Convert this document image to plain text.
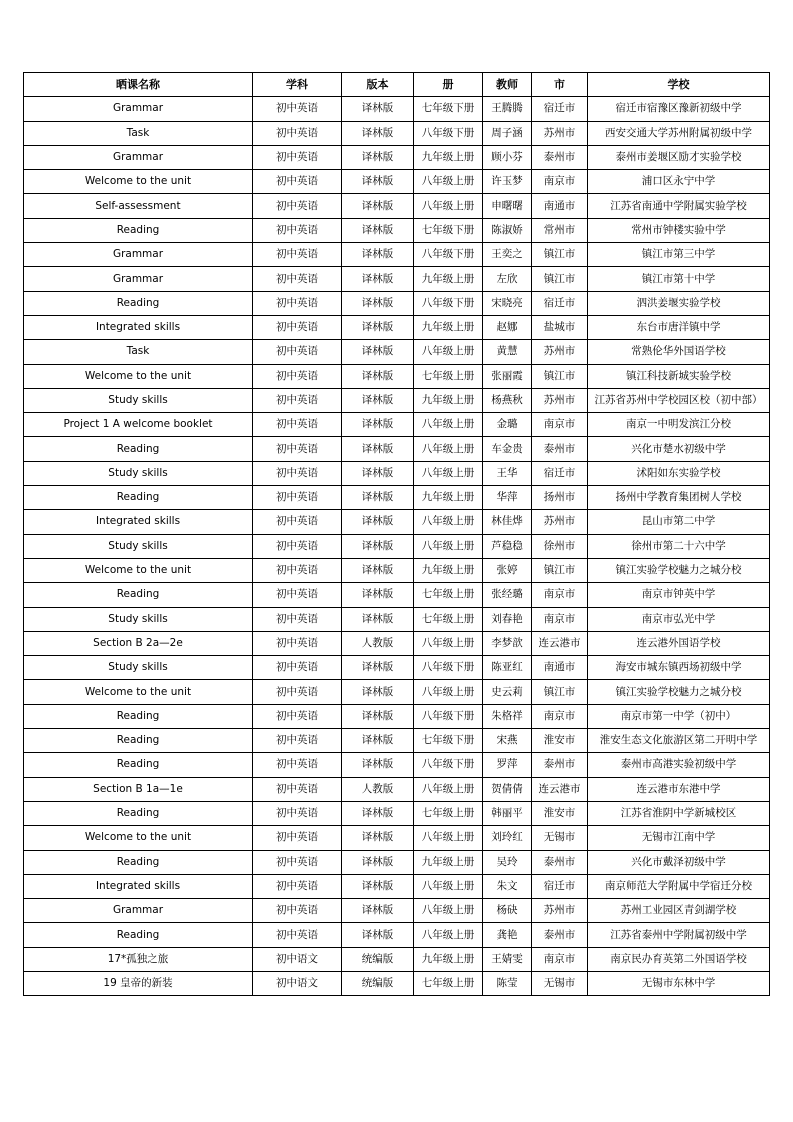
晒课名称	学科	版本	册	教师	市	学校
Grammar	初中英语	译林版	七年级下册	王腾腾	宿迁市	宿迁市宿豫区豫新初级中学
Task	初中英语	译林版	八年级下册	周子涵	苏州市	西安交通大学苏州附属初级中学
Grammar	初中英语	译林版	九年级上册	顾小芬	泰州市	泰州市姜堰区励才实验学校
Welcome to the unit	初中英语	译林版	八年级上册	许玉梦	南京市	浦口区永宁中学
Self-assessment	初中英语	译林版	八年级上册	申曙曙	南通市	江苏省南通中学附属实验学校
Reading	初中英语	译林版	七年级下册	陈淑娇	常州市	常州市钟楼实验中学
Grammar	初中英语	译林版	八年级下册	王奕之	镇江市	镇江市第三中学
Grammar	初中英语	译林版	九年级上册	左欣	镇江市	镇江市第十中学
Reading	初中英语	译林版	八年级下册	宋晓亮	宿迁市	泗洪姜堰实验学校
Integrated skills	初中英语	译林版	九年级上册	赵娜	盐城市	东台市唐洋镇中学
Task	初中英语	译林版	八年级上册	黄慧	苏州市	常熟伦华外国语学校
Welcome to the unit	初中英语	译林版	七年级上册	张丽霞	镇江市	镇江科技新城实验学校
Study skills	初中英语	译林版	九年级上册	杨燕秋	苏州市	江苏省苏州中学校园区校（初中部）
Project 1 A welcome booklet	初中英语	译林版	八年级上册	金璐	南京市	南京一中明发滨江分校
Reading	初中英语	译林版	八年级上册	车金贵	泰州市	兴化市楚水初级中学
Study skills	初中英语	译林版	八年级上册	王华	宿迁市	沭阳如东实验学校
Reading	初中英语	译林版	九年级上册	华萍	扬州市	扬州中学教育集团树人学校
Integrated skills	初中英语	译林版	八年级上册	林佳烨	苏州市	昆山市第二中学
Study skills	初中英语	译林版	八年级上册	芦稳稳	徐州市	徐州市第二十六中学
Welcome to the unit	初中英语	译林版	九年级上册	张婷	镇江市	镇江实验学校魅力之城分校
Reading	初中英语	译林版	七年级上册	张经璐	南京市	南京市钟英中学
Study skills	初中英语	译林版	七年级上册	刘春艳	南京市	南京市弘光中学
Section B 2a—2e	初中英语	人教版	八年级上册	李梦歆	连云港市	连云港外国语学校
Study skills	初中英语	译林版	八年级下册	陈亚红	南通市	海安市城东镇西场初级中学
Welcome to the unit	初中英语	译林版	八年级上册	史云莉	镇江市	镇江实验学校魅力之城分校
Reading	初中英语	译林版	八年级下册	朱格祥	南京市	南京市第一中学（初中）
Reading	初中英语	译林版	七年级下册	宋燕	淮安市	淮安生态文化旅游区第二开明中学
Reading	初中英语	译林版	八年级下册	罗萍	泰州市	泰州市高港实验初级中学
Section B 1a—1e	初中英语	人教版	八年级上册	贺倩倩	连云港市	连云港市东港中学
Reading	初中英语	译林版	七年级上册	韩丽平	淮安市	江苏省淮阴中学新城校区
Welcome to the unit	初中英语	译林版	八年级上册	刘玲红	无锡市	无锡市江南中学
Reading	初中英语	译林版	九年级上册	吴玲	泰州市	兴化市戴泽初级中学
Integrated skills	初中英语	译林版	八年级上册	朱文	宿迁市	南京师范大学附属中学宿迁分校
Grammar	初中英语	译林版	八年级上册	杨砄	苏州市	苏州工业园区青剑湖学校
Reading	初中英语	译林版	八年级上册	龚艳	泰州市	江苏省泰州中学附属初级中学
17*孤独之旅	初中语文	统编版	九年级上册	王婧雯	南京市	南京民办育英第二外国语学校
19 皇帝的新装	初中语文	统编版	七年级上册	陈莹	无锡市	无锡市东林中学
